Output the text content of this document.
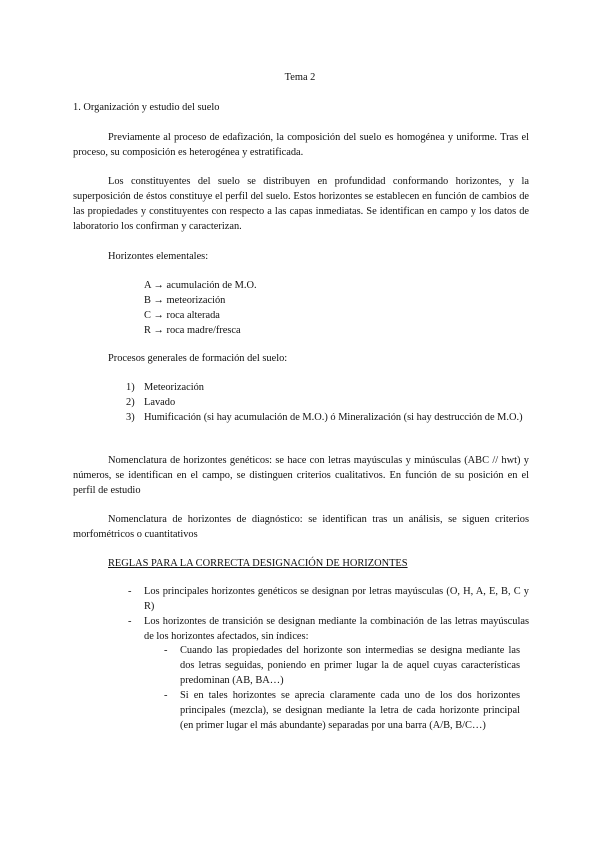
Tema 2
1. Organización y estudio del suelo
Previamente al proceso de edafización, la composición del suelo es homogénea y uniforme. Tras el proceso, su composición es heterogénea y estratificada.
Los constituyentes del suelo se distribuyen en profundidad conformando horizontes, y la superposición de éstos constituye el perfil del suelo. Estos horizontes se establecen en función de cambios de las propiedades y constituyentes con respecto a las capas inmediatas. Se identifican en campo y los datos de laboratorio los confirman y caracterizan.
Horizontes elementales:
A → acumulación de M.O.
B → meteorización
C → roca alterada
R → roca madre/fresca
Procesos generales de formación del suelo:
1) Meteorización
2) Lavado
3) Humificación (si hay acumulación de M.O.) ó Mineralización (si hay destrucción de M.O.)
Nomenclatura de horizontes genéticos: se hace con letras mayúsculas y minúsculas (ABC // hwt) y números, se identifican en el campo, se distinguen criterios cualitativos. En función de su posición en el perfil de estudio
Nomenclatura de horizontes de diagnóstico: se identifican tras un análisis, se siguen criterios morfométricos o cuantitativos
REGLAS PARA LA CORRECTA DESIGNACIÓN DE HORIZONTES
- Los principales horizontes genéticos se designan por letras mayúsculas (O, H, A, E, B, C y R)
- Los horizontes de transición se designan mediante la combinación de las letras mayúsculas de los horizontes afectados, sin índices:
- Cuando las propiedades del horizonte son intermedias se designa mediante las dos letras seguidas, poniendo en primer lugar la de aquel cuyas características predominan (AB, BA…)
- Si en tales horizontes se aprecia claramente cada uno de los dos horizontes principales (mezcla), se designan mediante la letra de cada horizonte principal (en primer lugar el más abundante) separadas por una barra (A/B, B/C…)
